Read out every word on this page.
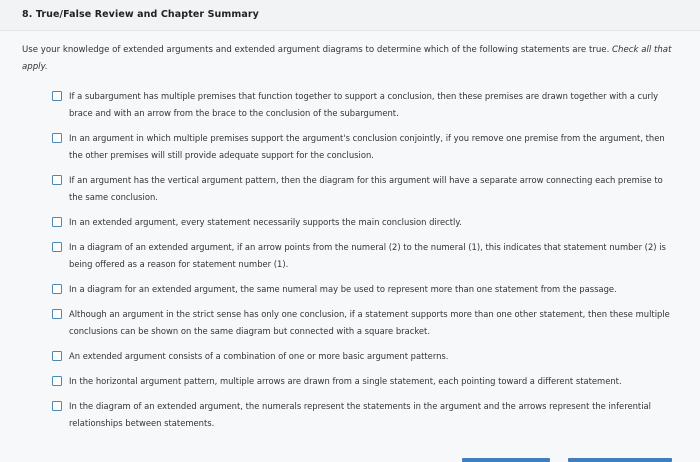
8. True/False Review and Chapter Summary
Use your knowledge of extended arguments and extended argument diagrams to determine which of the following statements are true. Check all that apply.
If a subargument has multiple premises that function together to support a conclusion, then these premises are drawn together with a curly brace and with an arrow from the brace to the conclusion of the subargument.
In an argument in which multiple premises support the argument's conclusion conjointly, if you remove one premise from the argument, then the other premises will still provide adequate support for the conclusion.
If an argument has the vertical argument pattern, then the diagram for this argument will have a separate arrow connecting each premise to the same conclusion.
In an extended argument, every statement necessarily supports the main conclusion directly.
In a diagram of an extended argument, if an arrow points from the numeral (2) to the numeral (1), this indicates that statement number (2) is being offered as a reason for statement number (1).
In a diagram for an extended argument, the same numeral may be used to represent more than one statement from the passage.
Although an argument in the strict sense has only one conclusion, if a statement supports more than one other statement, then these multiple conclusions can be shown on the same diagram but connected with a square bracket.
An extended argument consists of a combination of one or more basic argument patterns.
In the horizontal argument pattern, multiple arrows are drawn from a single statement, each pointing toward a different statement.
In the diagram of an extended argument, the numerals represent the statements in the argument and the arrows represent the inferential relationships between statements.
